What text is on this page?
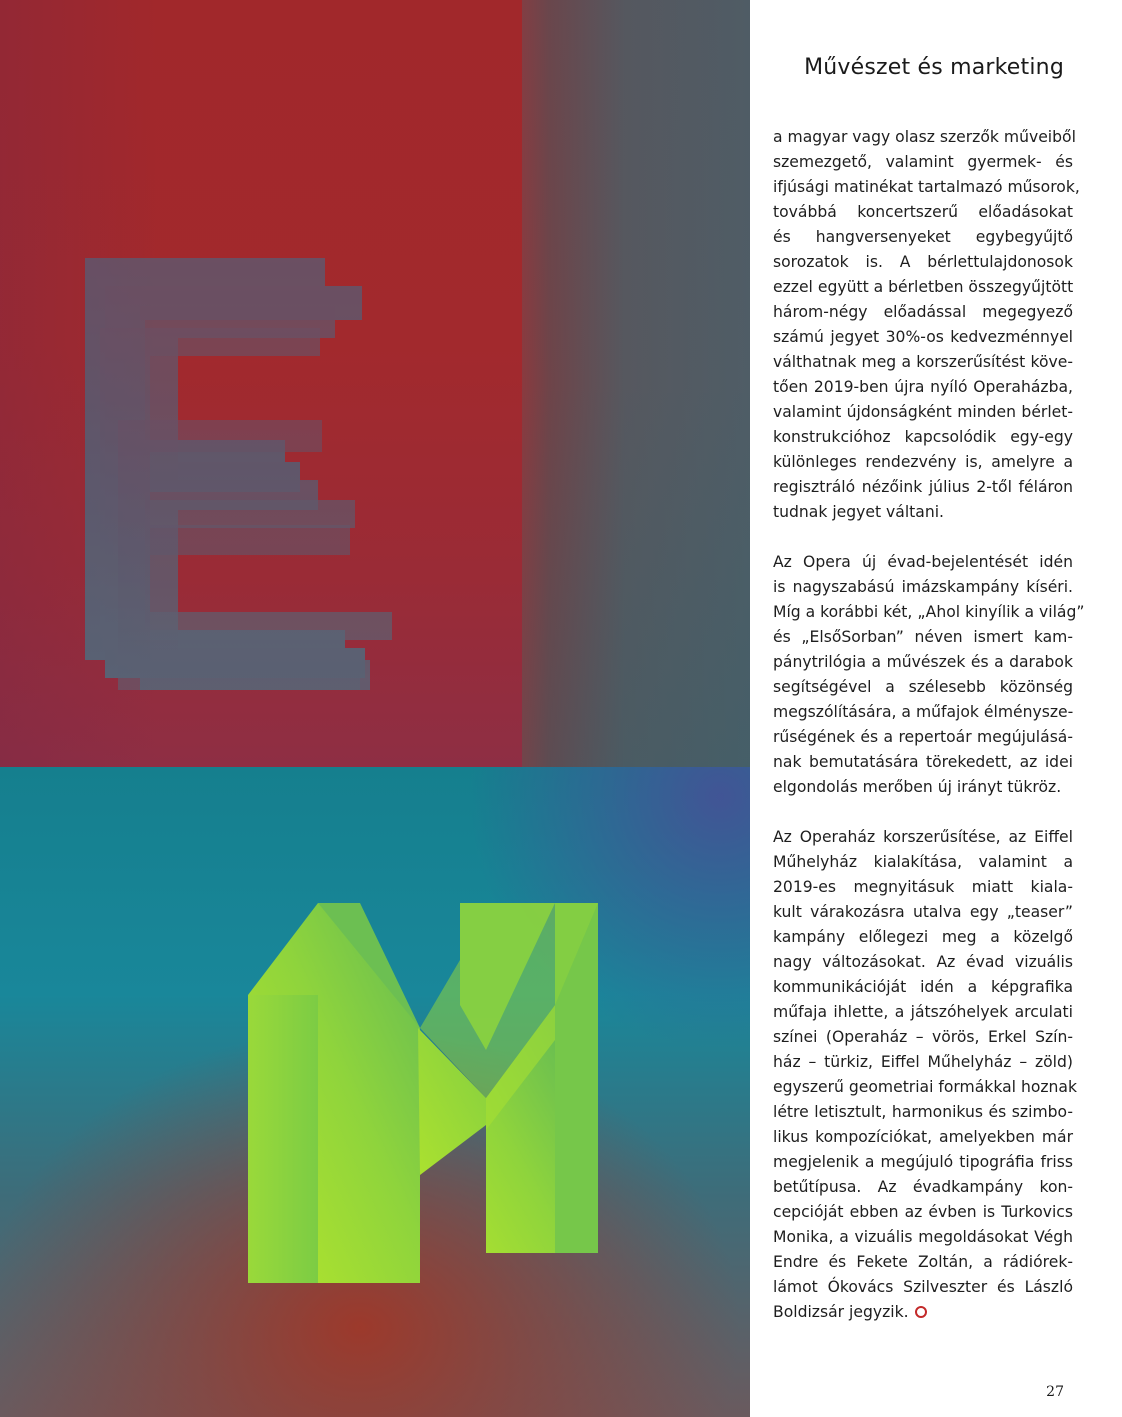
Művészet és marketing

a magyar vagy olasz szerzők műveiből
szemezgető, valamint gyermek- és
ifjúsági matinékat tartalmazó műsorok,
továbbá koncertszerű előadásokat
és hangversenyeket egybegyűjtő
sorozatok is. A bérlettulajdonosok
ezzel együtt a bérletben összegyűjtött
három-négy előadással megegyező
számú jegyet 30%-os kedvezménnyel
válthatnak meg a korszerűsítést köve-
tően 2019-ben újra nyíló Operaházba,
valamint újdonságként minden bérlet-
konstrukcióhoz kapcsolódik egy-egy
különleges rendezvény is, amelyre a
regisztráló nézőink július 2-től féláron
tudnak jegyet váltani.

Az Opera új évad-bejelentését idén
is nagyszabású imázskampány kíséri.
Míg a korábbi két, „Ahol kinyílik a világ”
és „ElsőSorban” néven ismert kam-
pánytrilógia a művészek és a darabok
segítségével a szélesebb közönség
megszólítására, a műfajok élményszе-
rűségének és a repertoár megújulásá-
nak bemutatására törekedett, az idei
elgondolás merőben új irányt tükröz.

Az Operaház korszerűsítése, az Eiffel
Műhelyház kialakítása, valamint a
2019-es megnyitásuk miatt kiala-
kult várakozásra utalva egy „teaser”
kampány előlegezi meg a közelgő
nagy változásokat. Az évad vizuális
kommunikációját idén a képgrafika
műfaja ihlette, a játszóhelyek arculati
színei (Operaház – vörös, Erkel Szín-
ház – türkiz, Eiffel Műhelyház – zöld)
egyszerű geometriai formákkal hoznak
létre letisztult, harmonikus és szimbo-
likus kompozíciókat, amelyekben már
megjelenik a megújuló tipográfia friss
betűtípusa. Az évadkampány kon-
cepcióját ebben az évben is Turkovics
Monika, a vizuális megoldásokat Végh
Endre és Fekete Zoltán, a rádiórek-
lámot Ókovács Szilveszter és László
Boldizsár jegyzik.

27
